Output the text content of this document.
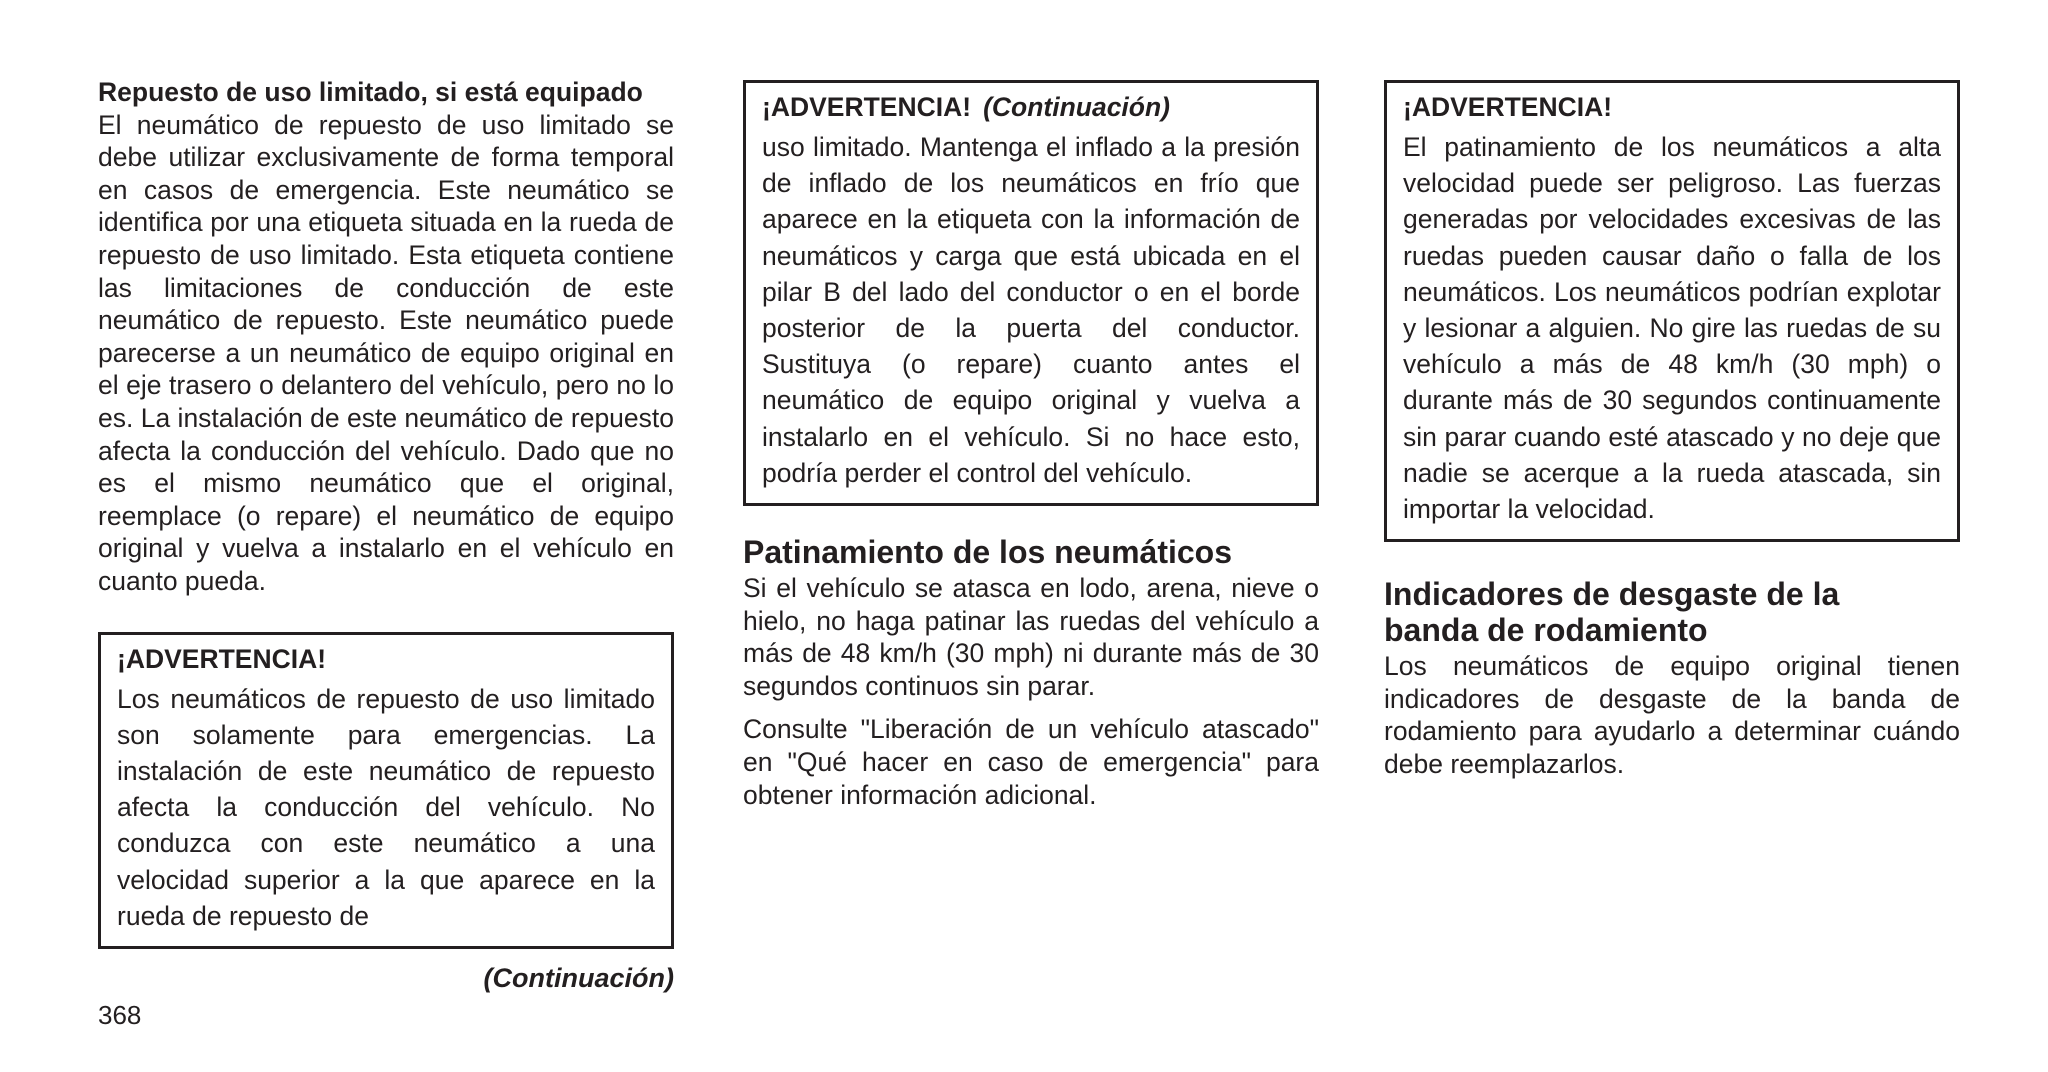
Repuesto de uso limitado, si está equipado

El neumático de repuesto de uso limitado se debe utilizar exclusivamente de forma temporal en casos de emergencia. Este neumático se identifica por una etiqueta situada en la rueda de repuesto de uso limitado. Esta etiqueta contiene las limitaciones de conducción de este neumático de repuesto. Este neumático puede parecerse a un neumático de equipo original en el eje trasero o delantero del vehículo, pero no lo es. La instalación de este neumático de repuesto afecta la conducción del vehículo. Dado que no es el mismo neumático que el original, reemplace (o repare) el neumático de equipo original y vuelva a instalarlo en el vehículo en cuanto pueda.

¡ADVERTENCIA!

Los neumáticos de repuesto de uso limitado son solamente para emergencias. La instalación de este neumático de repuesto afecta la conducción del vehículo. No conduzca con este neumático a una velocidad superior a la que aparece en la rueda de repuesto de

(Continuación)

368

¡ADVERTENCIA! (Continuación)

uso limitado. Mantenga el inflado a la presión de inflado de los neumáticos en frío que aparece en la etiqueta con la información de neumáticos y carga que está ubicada en el pilar B del lado del conductor o en el borde posterior de la puerta del conductor. Sustituya (o repare) cuanto antes el neumático de equipo original y vuelva a instalarlo en el vehículo. Si no hace esto, podría perder el control del vehículo.

Patinamiento de los neumáticos

Si el vehículo se atasca en lodo, arena, nieve o hielo, no haga patinar las ruedas del vehículo a más de 48 km/h (30 mph) ni durante más de 30 segundos continuos sin parar.

Consulte "Liberación de un vehículo atascado" en "Qué hacer en caso de emergencia" para obtener información adicional.

¡ADVERTENCIA!

El patinamiento de los neumáticos a alta velocidad puede ser peligroso. Las fuerzas generadas por velocidades excesivas de las ruedas pueden causar daño o falla de los neumáticos. Los neumáticos podrían explotar y lesionar a alguien. No gire las ruedas de su vehículo a más de 48 km/h (30 mph) o durante más de 30 segundos continuamente sin parar cuando esté atascado y no deje que nadie se acerque a la rueda atascada, sin importar la velocidad.

Indicadores de desgaste de la banda de rodamiento

Los neumáticos de equipo original tienen indicadores de desgaste de la banda de rodamiento para ayudarlo a determinar cuándo debe reemplazarlos.
